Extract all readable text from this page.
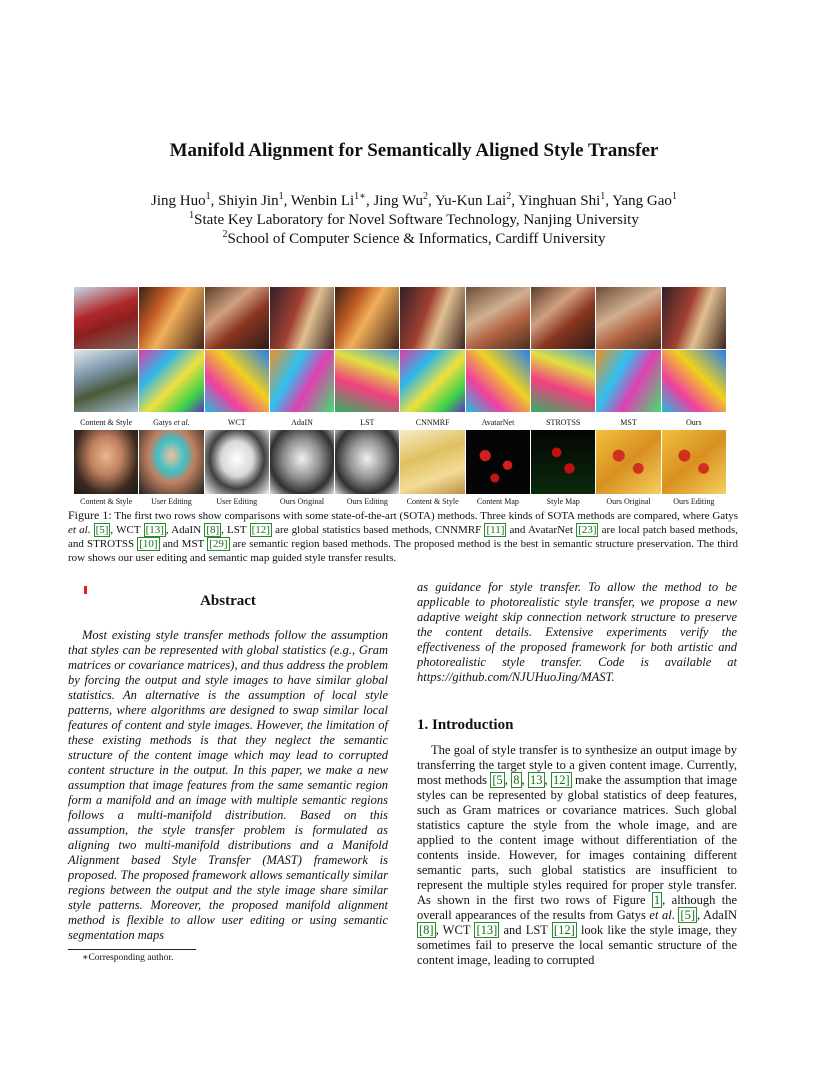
Manifold Alignment for Semantically Aligned Style Transfer
Jing Huo$^1$, Shiyin Jin$^1$, Wenbin $Li^{1∗}$, Jing Wu$^2$, Yu-Kun Lai$^2$, Yinghuan Shi$^1$, Yang Gao$^1$
$^1$State Key Laboratory for Novel Software Technology, Nanjing University
$^2$School of Computer Science & Informatics, Cardiff University
Content & Style	Gatys et al.	WCT	AdaIN	LST	CNNMRF	AvatarNet	STROTSS	MST	Ours
Content & Style	User Editing	User Editing	Ours Original	Ours Editing	Content & Style	Content Map	Style Map	Ours Original	Ours Editing
Figure 1: The first two rows show comparisons with some state-of-the-art (SOTA) methods. Three kinds of SOTA methods are compared, where Gatys et al. [5] , WCT [13] , AdaIN [8] , LST [12] are global statistics based methods, CNNMRF [11] and AvatarNet [23] are local patch based methods, and STROTSS [10] and MST [29] are semantic region based methods. The proposed method is the best in semantic structure preservation. The third row shows our user editing and semantic map guided style transfer results.
Abstract
Most existing style transfer methods follow the assumption that styles can be represented with global statistics (e.g., Gram matrices or covariance matrices), and thus address the problem by forcing the output and style images to have similar global statistics. An alternative is the assumption of local style patterns, where algorithms are designed to swap similar local features of content and style images. However, the limitation of these existing methods is that they neglect the semantic structure of the content image which may lead to corrupted content structure in the output. In this paper, we make a new assumption that image features from the same semantic region form a manifold and an image with multiple semantic regions follows a multi-manifold distribution. Based on this assumption, the style transfer problem is formulated as aligning two multi-manifold distributions and a Manifold Alignment based Style Transfer (MAST) framework is proposed. The proposed framework allows semantically similar regions between the output and the style image share similar style patterns. Moreover, the proposed manifold alignment method is flexible to allow user editing or using semantic segmentation maps
∗Corresponding author.
as guidance for style transfer. To allow the method to be applicable to photorealistic style transfer, we propose a new adaptive weight skip connection network structure to preserve the content details. Extensive experiments verify the effectiveness of the proposed framework for both artistic and photorealistic style transfer. Code is available at https://github.com/NJUHuoJing/MAST.
1. Introduction
The goal of style transfer is to synthesize an output image by transferring the target style to a given content image. Currently, most methods [5 , 8 , 13 , 12] make the assumption that image styles can be represented by global statistics of deep features, such as Gram matrices or covariance matrices. Such global statistics capture the style from the whole image, and are applied to the content image without differentiation of the contents inside. However, for images containing different semantic parts, such global statistics are insufficient to represent the multiple styles required for proper style transfer. As shown in the first two rows of Figure 1 , although the overall appearances of the results from Gatys et al. [5] , AdaIN [8] , WCT [13] and LST [12] look like the style image, they sometimes fail to preserve the local semantic structure of the content image, leading to corrupted
